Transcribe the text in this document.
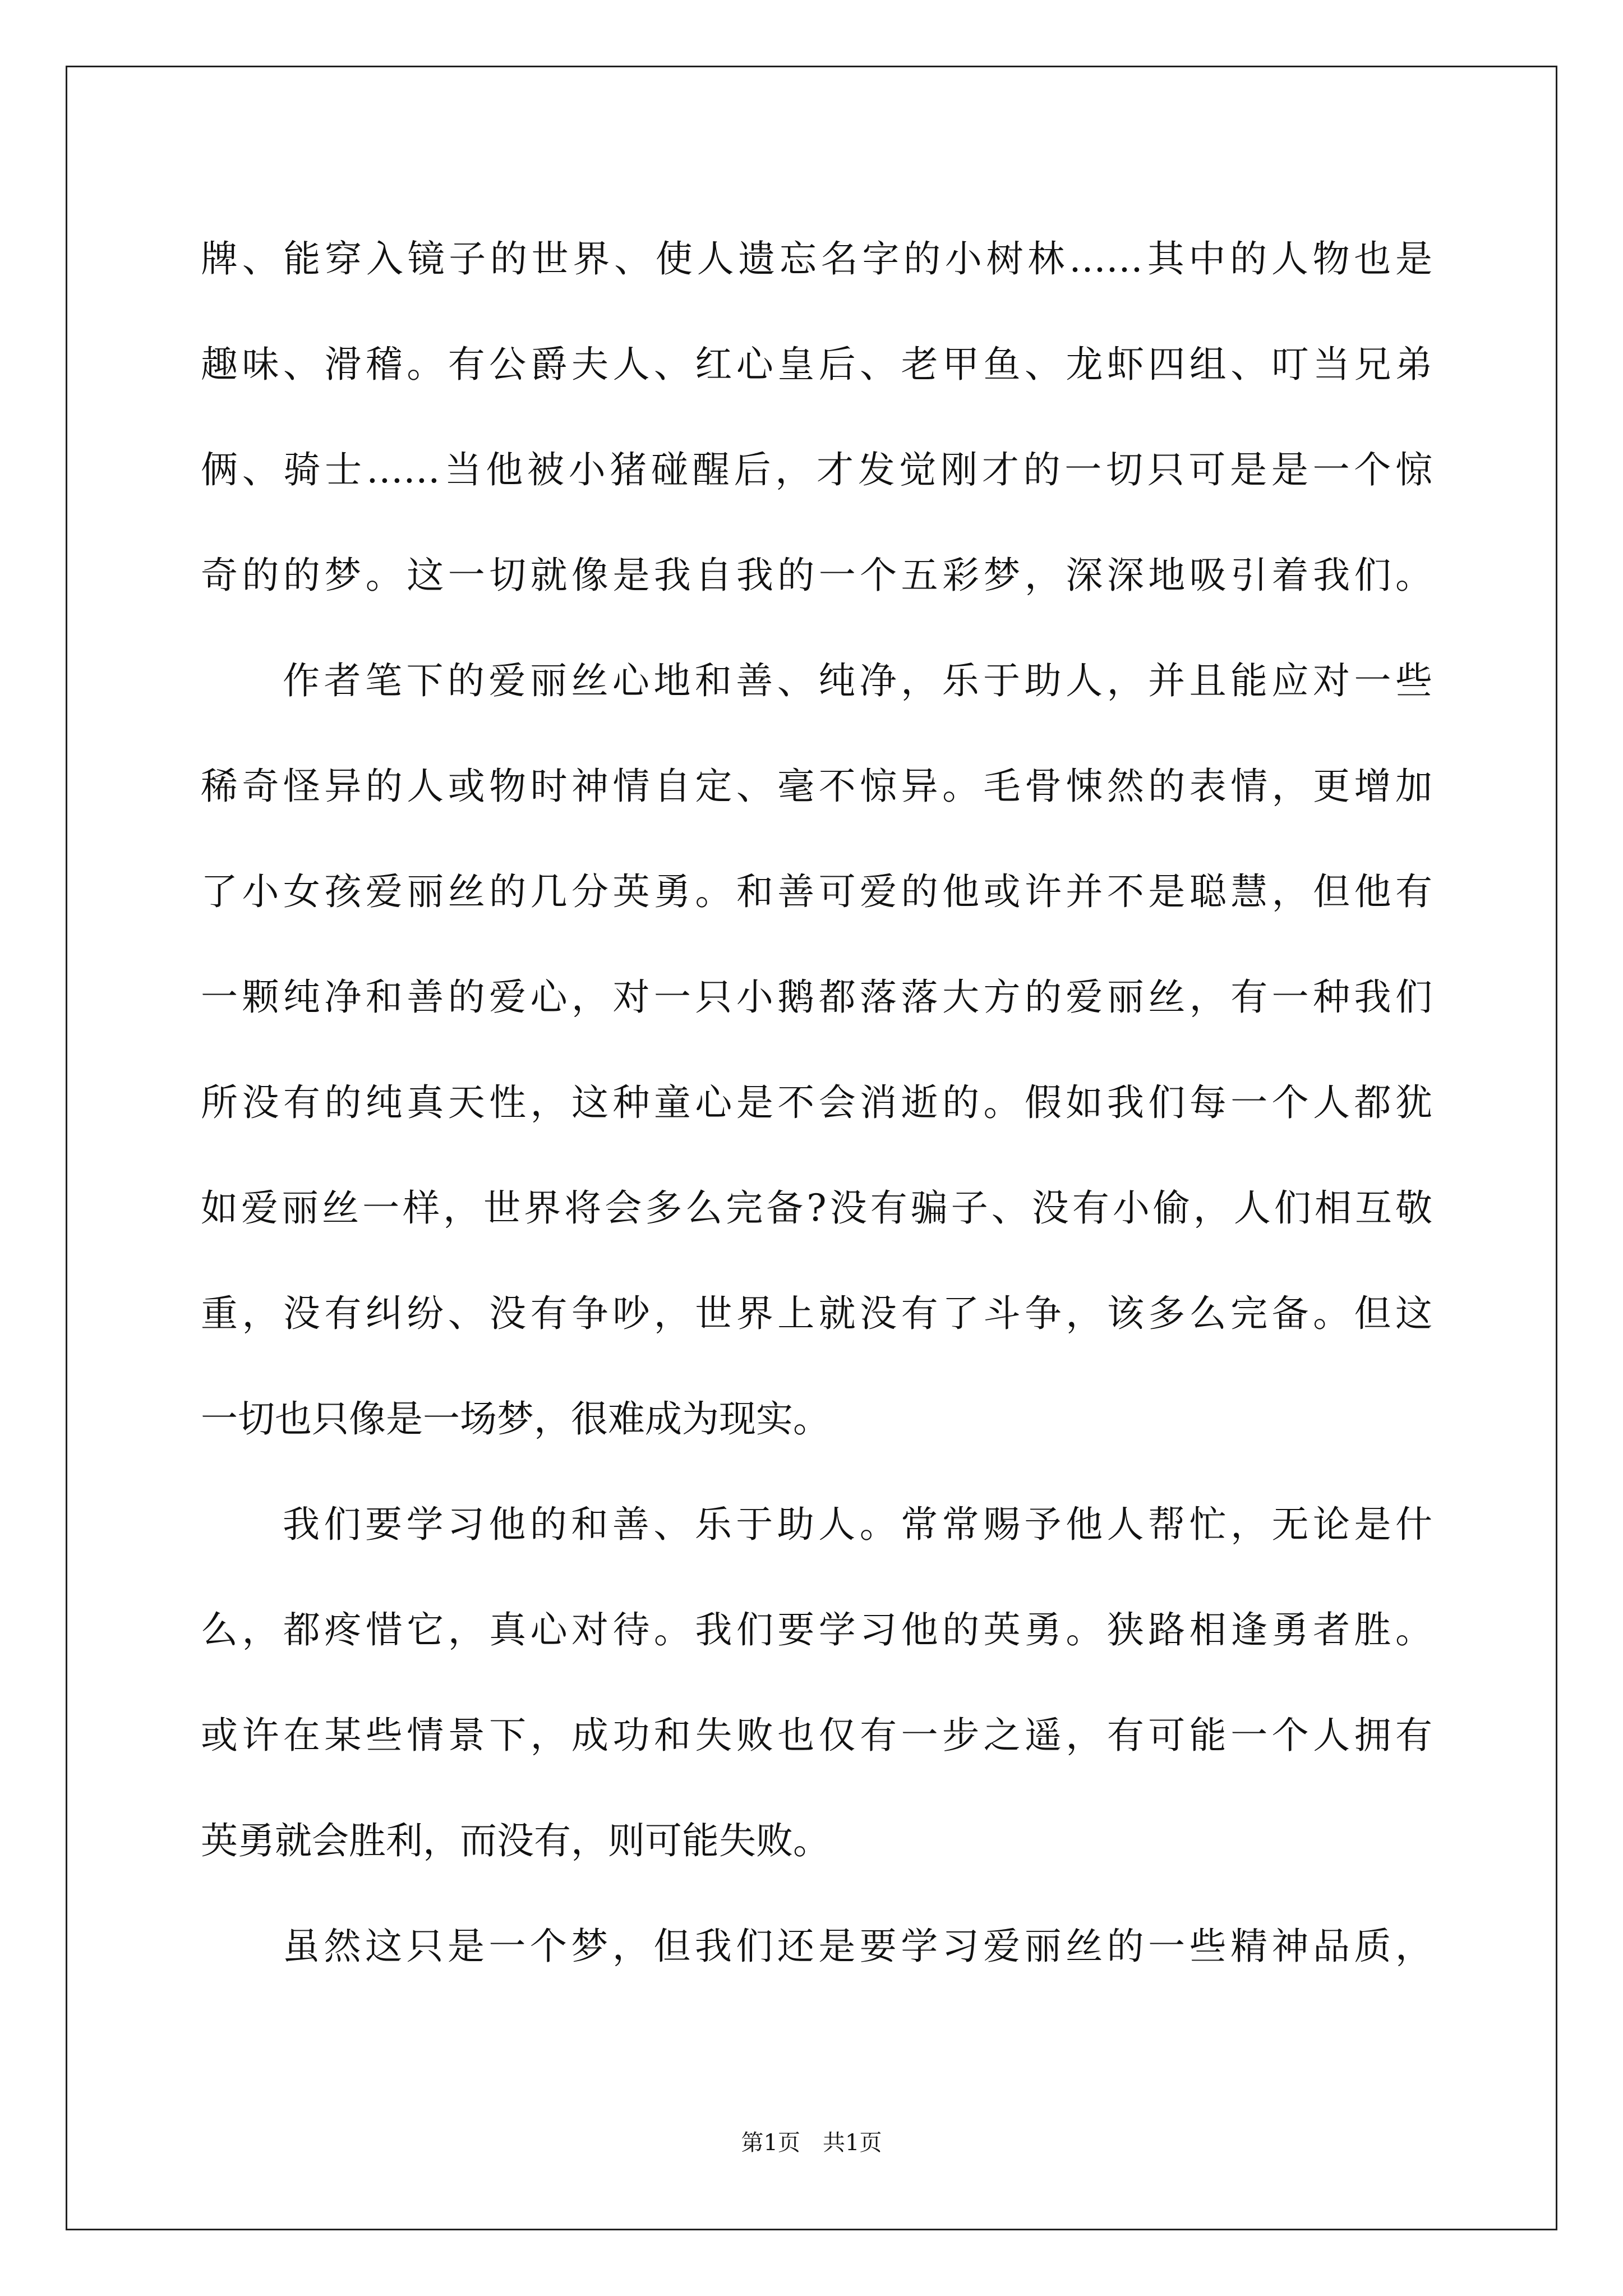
牌、能穿入镜子的世界、使人遗忘名字的小树林……其中的人物也是
趣味、滑稽。有公爵夫人、红心皇后、老甲鱼、龙虾四组、叮当兄弟
俩、骑士……当他被小猪碰醒后，才发觉刚才的一切只可是是一个惊
奇的的梦。这一切就像是我自我的一个五彩梦，深深地吸引着我们。
作者笔下的爱丽丝心地和善、纯净，乐于助人，并且能应对一些
稀奇怪异的人或物时神情自定、毫不惊异。毛骨悚然的表情，更增加
了小女孩爱丽丝的几分英勇。和善可爱的他或许并不是聪慧，但他有
一颗纯净和善的爱心，对一只小鹅都落落大方的爱丽丝，有一种我们
所没有的纯真天性，这种童心是不会消逝的。假如我们每一个人都犹
如爱丽丝一样，世界将会多么完备?没有骗子、没有小偷，人们相互敬
重，没有纠纷、没有争吵，世界上就没有了斗争，该多么完备。但这
一切也只像是一场梦，很难成为现实。
我们要学习他的和善、乐于助人。常常赐予他人帮忙，无论是什
么，都疼惜它，真心对待。我们要学习他的英勇。狭路相逢勇者胜。
或许在某些情景下，成功和失败也仅有一步之遥，有可能一个人拥有
英勇就会胜利，而没有，则可能失败。
虽然这只是一个梦，但我们还是要学习爱丽丝的一些精神品质，
第1页 共1页
